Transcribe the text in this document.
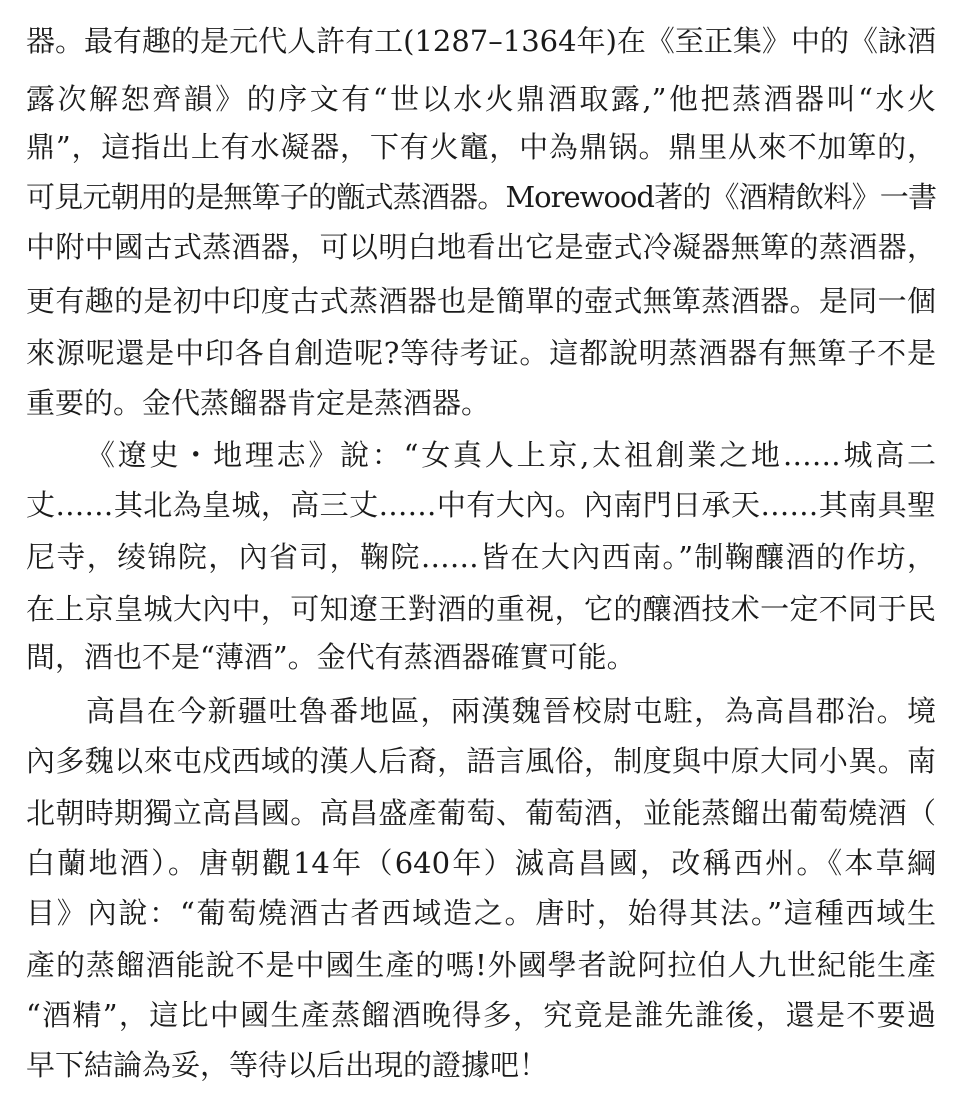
器。最有趣的是元代人許有工(1287–1364年)在《至正集》中的《詠酒
露次解恕齊韻》的序文有“世以水火鼎酒取露,”他把蒸酒器叫“水火
鼎”，這指出上有水凝器，下有火竈，中為鼎锅。鼎里从來不加箄的，
可見元朝用的是無箄子的甑式蒸酒器。Morewood著的《酒精飲料》一書
中附中國古式蒸酒器，可以明白地看出它是壺式冷凝器無箄的蒸酒器，
更有趣的是初中印度古式蒸酒器也是簡單的壺式無箄蒸酒器。是同一個
來源呢還是中印各自創造呢?等待考证。這都說明蒸酒器有無箄子不是
重要的。金代蒸餾器肯定是蒸酒器。
《遼史・地理志》說：“女真人上京,太祖創業之地……城高二
丈……其北為皇城，高三丈……中有大內。內南門日承天……其南具聖
尼寺，绫锦院，內省司，鞠院……皆在大內西南。”制鞠釀酒的作坊，
在上京皇城大內中，可知遼王對酒的重視，它的釀酒技术一定不同于民
間，酒也不是“薄酒”。金代有蒸酒器確實可能。
高昌在今新疆吐魯番地區，兩漢魏晉校尉屯駐，為高昌郡治。境
內多魏以來屯戍西域的漢人后裔，語言風俗，制度與中原大同小異。南
北朝時期獨立高昌國。高昌盛產葡萄、葡萄酒，並能蒸餾出葡萄燒酒（
白蘭地酒）。唐朝觀14年（640年）滅高昌國，改稱西州。《本草綱
目》內說：“葡萄燒酒古者西域造之。唐时，始得其法。”這種西域生
產的蒸餾酒能說不是中國生產的嗎!外國學者說阿拉伯人九世紀能生產
“酒精”，這比中國生產蒸餾酒晚得多，究竟是誰先誰後，還是不要過
早下結論為妥，等待以后出現的證據吧！
